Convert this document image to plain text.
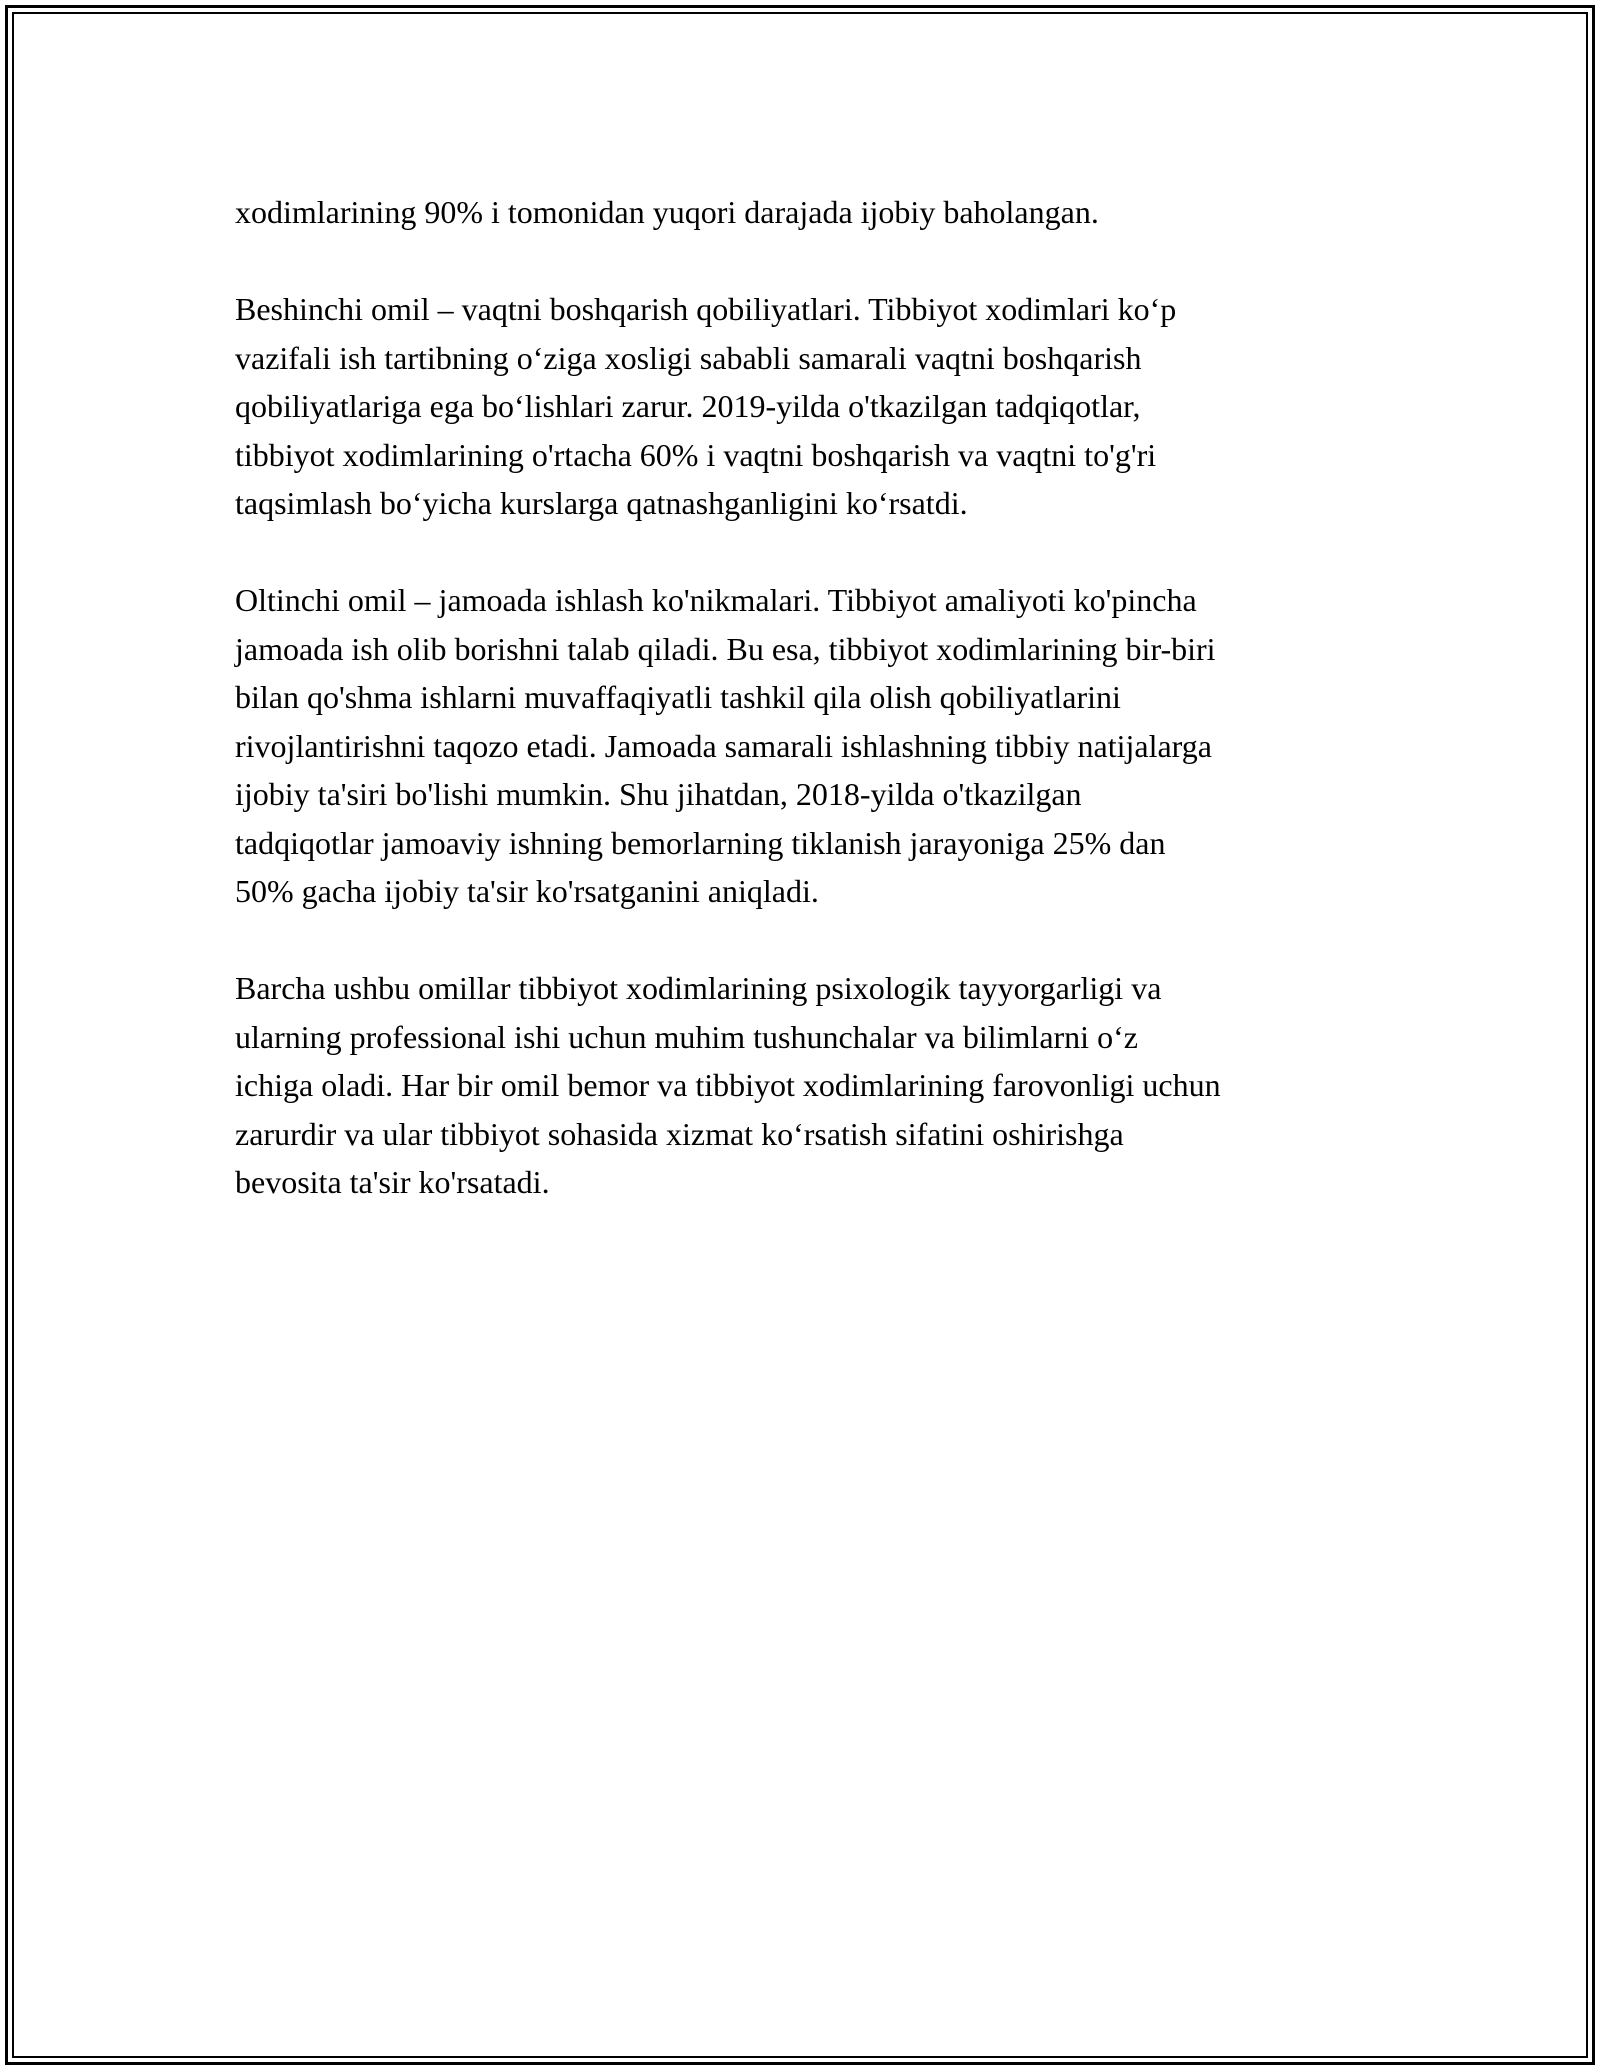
xodimlarining 90% i tomonidan yuqori darajada ijobiy baholangan.

Beshinchi omil – vaqtni boshqarish qobiliyatlari. Tibbiyot xodimlari koʻp
vazifali ish tartibning oʻziga xosligi sababli samarali vaqtni boshqarish
qobiliyatlariga ega boʻlishlari zarur. 2019-yilda o'tkazilgan tadqiqotlar,
tibbiyot xodimlarining o'rtacha 60% i vaqtni boshqarish va vaqtni to'g'ri
taqsimlash boʻyicha kurslarga qatnashganligini koʻrsatdi.

Oltinchi omil – jamoada ishlash ko'nikmalari. Tibbiyot amaliyoti ko'pincha
jamoada ish olib borishni talab qiladi. Bu esa, tibbiyot xodimlarining bir-biri
bilan qo'shma ishlarni muvaffaqiyatli tashkil qila olish qobiliyatlarini
rivojlantirishni taqozo etadi. Jamoada samarali ishlashning tibbiy natijalarga
ijobiy ta'siri bo'lishi mumkin. Shu jihatdan, 2018-yilda o'tkazilgan
tadqiqotlar jamoaviy ishning bemorlarning tiklanish jarayoniga 25% dan
50% gacha ijobiy ta'sir ko'rsatganini aniqladi.

Barcha ushbu omillar tibbiyot xodimlarining psixologik tayyorgarligi va
ularning professional ishi uchun muhim tushunchalar va bilimlarni oʻz
ichiga oladi. Har bir omil bemor va tibbiyot xodimlarining farovonligi uchun
zarurdir va ular tibbiyot sohasida xizmat koʻrsatish sifatini oshirishga
bevosita ta'sir ko'rsatadi.
